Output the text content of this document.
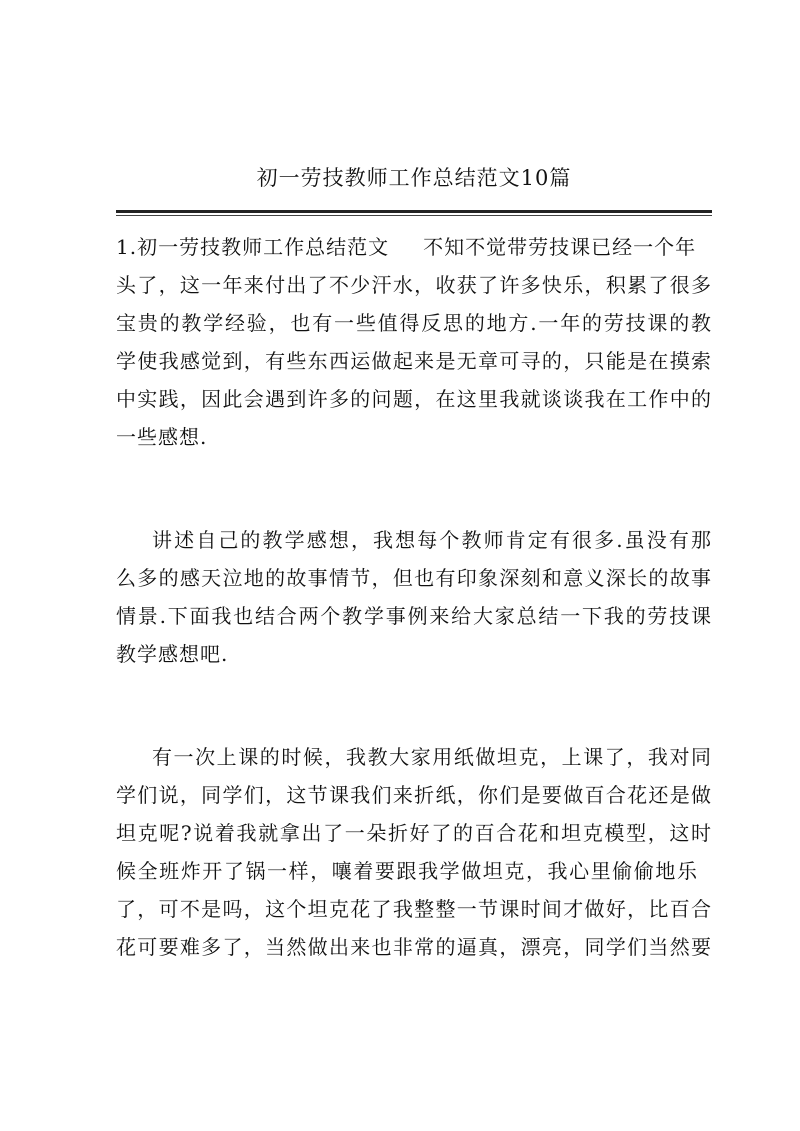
初一劳技教师工作总结范文10篇
1.初一劳技教师工作总结范文 不知不觉带劳技课已经一个年
头了，这一年来付出了不少汗水，收获了许多快乐，积累了很多
宝贵的教学经验，也有一些值得反思的地方.一年的劳技课的教
学使我感觉到，有些东西运做起来是无章可寻的，只能是在摸索
中实践，因此会遇到许多的问题，在这里我就谈谈我在工作中的
一些感想.
讲述自己的教学感想，我想每个教师肯定有很多.虽没有那
么多的感天泣地的故事情节，但也有印象深刻和意义深长的故事
情景.下面我也结合两个教学事例来给大家总结一下我的劳技课
教学感想吧.
有一次上课的时候，我教大家用纸做坦克，上课了，我对同
学们说，同学们，这节课我们来折纸，你们是要做百合花还是做
坦克呢?说着我就拿出了一朵折好了的百合花和坦克模型，这时
候全班炸开了锅一样，嚷着要跟我学做坦克，我心里偷偷地乐
了，可不是吗，这个坦克花了我整整一节课时间才做好，比百合
花可要难多了，当然做出来也非常的逼真，漂亮，同学们当然要
